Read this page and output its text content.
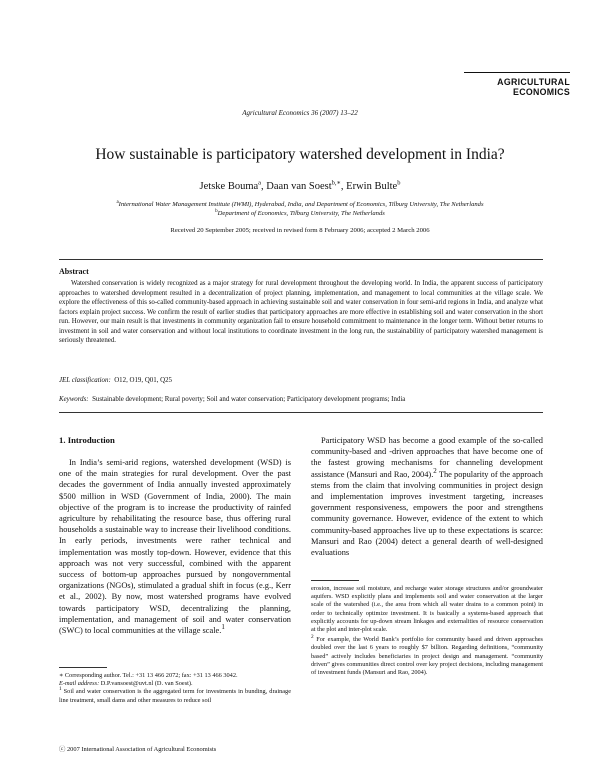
AGRICULTURAL
ECONOMICS
Agricultural Economics 36 (2007) 13–22
How sustainable is participatory watershed development in India?
Jetske Bouma$^a$, Daan van Soest$^{b,∗}$, Erwin Bulte$^b$
$^a$International Water Management Institute (IWMI), Hyderabad, India, and Department of Economics, Tilburg University, The Netherlands
$^b$Department of Economics, Tilburg University, The Netherlands
Received 20 September 2005; received in revised form 8 February 2006; accepted 2 March 2006
Abstract
Watershed conservation is widely recognized as a major strategy for rural development throughout the developing world. In India, the apparent success of participatory approaches to watershed development resulted in a decentralization of project planning, implementation, and management to local communities at the village scale. We explore the effectiveness of this so-called community-based approach in achieving sustainable soil and water conservation in four semi-arid regions in India, and analyze what factors explain project success. We confirm the result of earlier studies that participatory approaches are more effective in establishing soil and water conservation in the short run. However, our main result is that investments in community organization fail to ensure household commitment to maintenance in the longer term. Without better returns to investment in soil and water conservation and without local institutions to coordinate investment in the long run, the sustainability of participatory watershed management is seriously threatened.
JEL classification: O12, O19, Q01, Q25
Keywords: Sustainable development; Rural poverty; Soil and water conservation; Participatory development programs; India
1. Introduction
In India’s semi-arid regions, watershed development (WSD) is one of the main strategies for rural development. Over the past decades the government of India annually invested approximately $500 million in WSD (Government of India, 2000). The main objective of the program is to increase the productivity of rainfed agriculture by rehabilitating the resource base, thus offering rural households a sustainable way to increase their livelihood conditions. In early periods, investments were rather technical and implementation was mostly top-down. However, evidence that this approach was not very successful, combined with the apparent success of bottom-up approaches pursued by nongovernmental organizations (NGOs), stimulated a gradual shift in focus (e.g., Kerr et al., 2002). By now, most watershed programs have evolved towards participatory WSD, decentralizing the planning, implementation, and management of soil and water conservation (SWC) to local communities at the village scale.$^1$
Participatory WSD has become a good example of the so-called community-based and -driven approaches that have become one of the fastest growing mechanisms for channeling development assistance (Mansuri and Rao, 2004).$^2$ The popularity of the approach stems from the claim that involving communities in project design and implementation improves investment targeting, increases government responsiveness, empowers the poor and strengthens community governance. However, evidence of the extent to which community-based approaches live up to these expectations is scarce: Mansuri and Rao (2004) detect a general dearth of well-designed evaluations
∗ Corresponding author. Tel.: +31 13 466 2072; fax: +31 13 466 3042.
E-mail address: D.P.vansoest@uvt.nl (D. van Soest).
$^1$ Soil and water conservation is the aggregated term for investments in bunding, drainage line treatment, small dams and other measures to reduce soil
erosion, increase soil moisture, and recharge water storage structures and/or groundwater aquifers. WSD explicitly plans and implements soil and water conservation at the larger scale of the watershed (i.e., the area from which all water drains to a common point) in order to technically optimize investment. It is basically a systems-based approach that explicitly accounts for up-down stream linkages and externalities of resource conservation at the plot and inter-plot scale.
$^2$ For example, the World Bank’s portfolio for community based and driven approaches doubled over the last 6 years to roughly $7 billion. Regarding definitions, “community based” actively includes beneficiaries in project design and management. “community driven” gives communities direct control over key project decisions, including management of investment funds (Mansuri and Rao, 2004).
ⓒ 2007 International Association of Agricultural Economists
